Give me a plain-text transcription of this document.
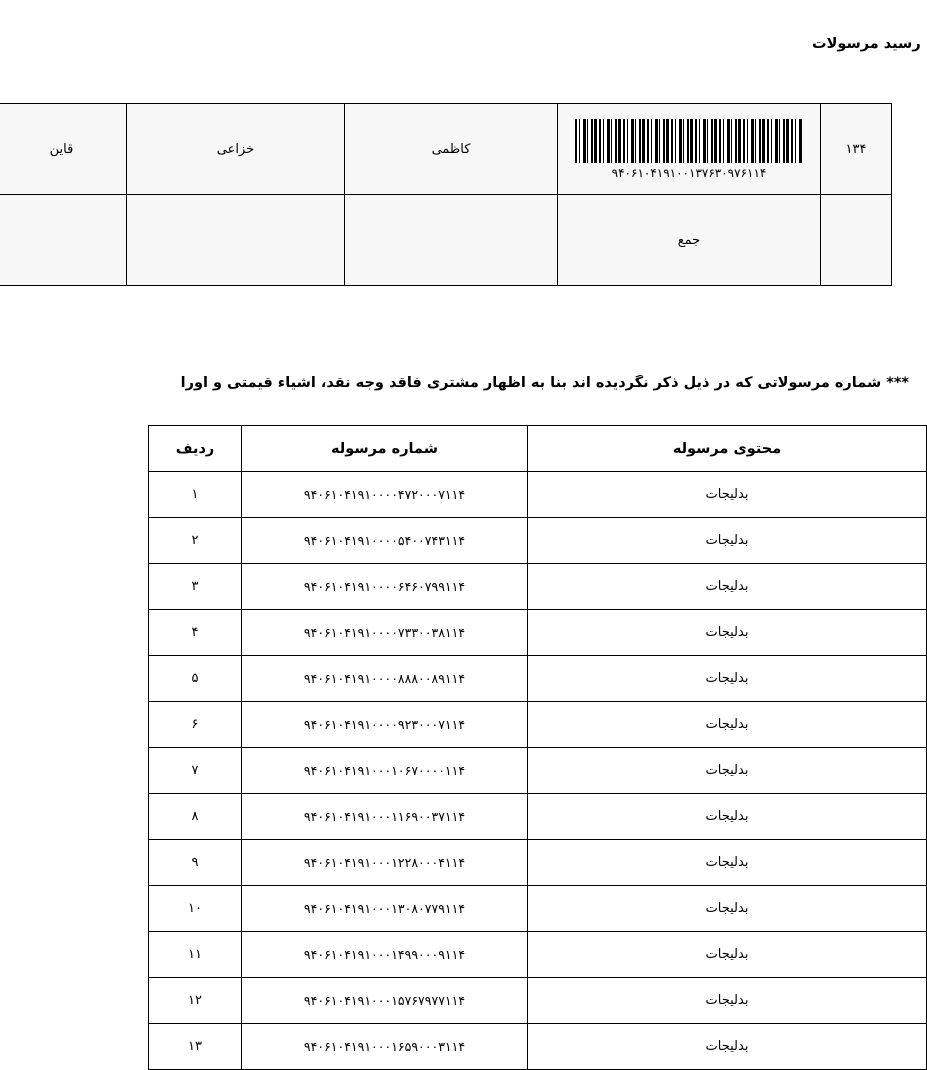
رسید مرسولات
۱۳۴	۹۴۰۶۱۰۴۱۹۱۰۰۱۳۷۶۳۰۹۷۶۱۱۴	کاظمی	خزاعی	قاین	
	جمع				
*** شماره مرسولاتی که در ذیل ذکر نگردیده اند بنا به اظهار مشتری فاقد وجه نقد، اشیاء قیمتی و اورا
محتوی مرسوله	شماره مرسوله	ردیف
بدلیجات	۹۴۰۶۱۰۴۱۹۱۰۰۰۰۴۷۲۰۰۰۷۱۱۴	۱
بدلیجات	۹۴۰۶۱۰۴۱۹۱۰۰۰۰۵۴۰۰۷۴۳۱۱۴	۲
بدلیجات	۹۴۰۶۱۰۴۱۹۱۰۰۰۰۶۴۶۰۷۹۹۱۱۴	۳
بدلیجات	۹۴۰۶۱۰۴۱۹۱۰۰۰۰۷۳۳۰۰۳۸۱۱۴	۴
بدلیجات	۹۴۰۶۱۰۴۱۹۱۰۰۰۰۸۸۸۰۰۸۹۱۱۴	۵
بدلیجات	۹۴۰۶۱۰۴۱۹۱۰۰۰۰۹۲۳۰۰۰۷۱۱۴	۶
بدلیجات	۹۴۰۶۱۰۴۱۹۱۰۰۰۱۰۶۷۰۰۰۰۱۱۴	۷
بدلیجات	۹۴۰۶۱۰۴۱۹۱۰۰۰۱۱۶۹۰۰۳۷۱۱۴	۸
بدلیجات	۹۴۰۶۱۰۴۱۹۱۰۰۰۱۲۲۸۰۰۰۴۱۱۴	۹
بدلیجات	۹۴۰۶۱۰۴۱۹۱۰۰۰۱۳۰۸۰۷۷۹۱۱۴	۱۰
بدلیجات	۹۴۰۶۱۰۴۱۹۱۰۰۰۱۴۹۹۰۰۰۹۱۱۴	۱۱
بدلیجات	۹۴۰۶۱۰۴۱۹۱۰۰۰۱۵۷۶۷۹۷۷۱۱۴	۱۲
بدلیجات	۹۴۰۶۱۰۴۱۹۱۰۰۰۱۶۵۹۰۰۰۳۱۱۴	۱۳
